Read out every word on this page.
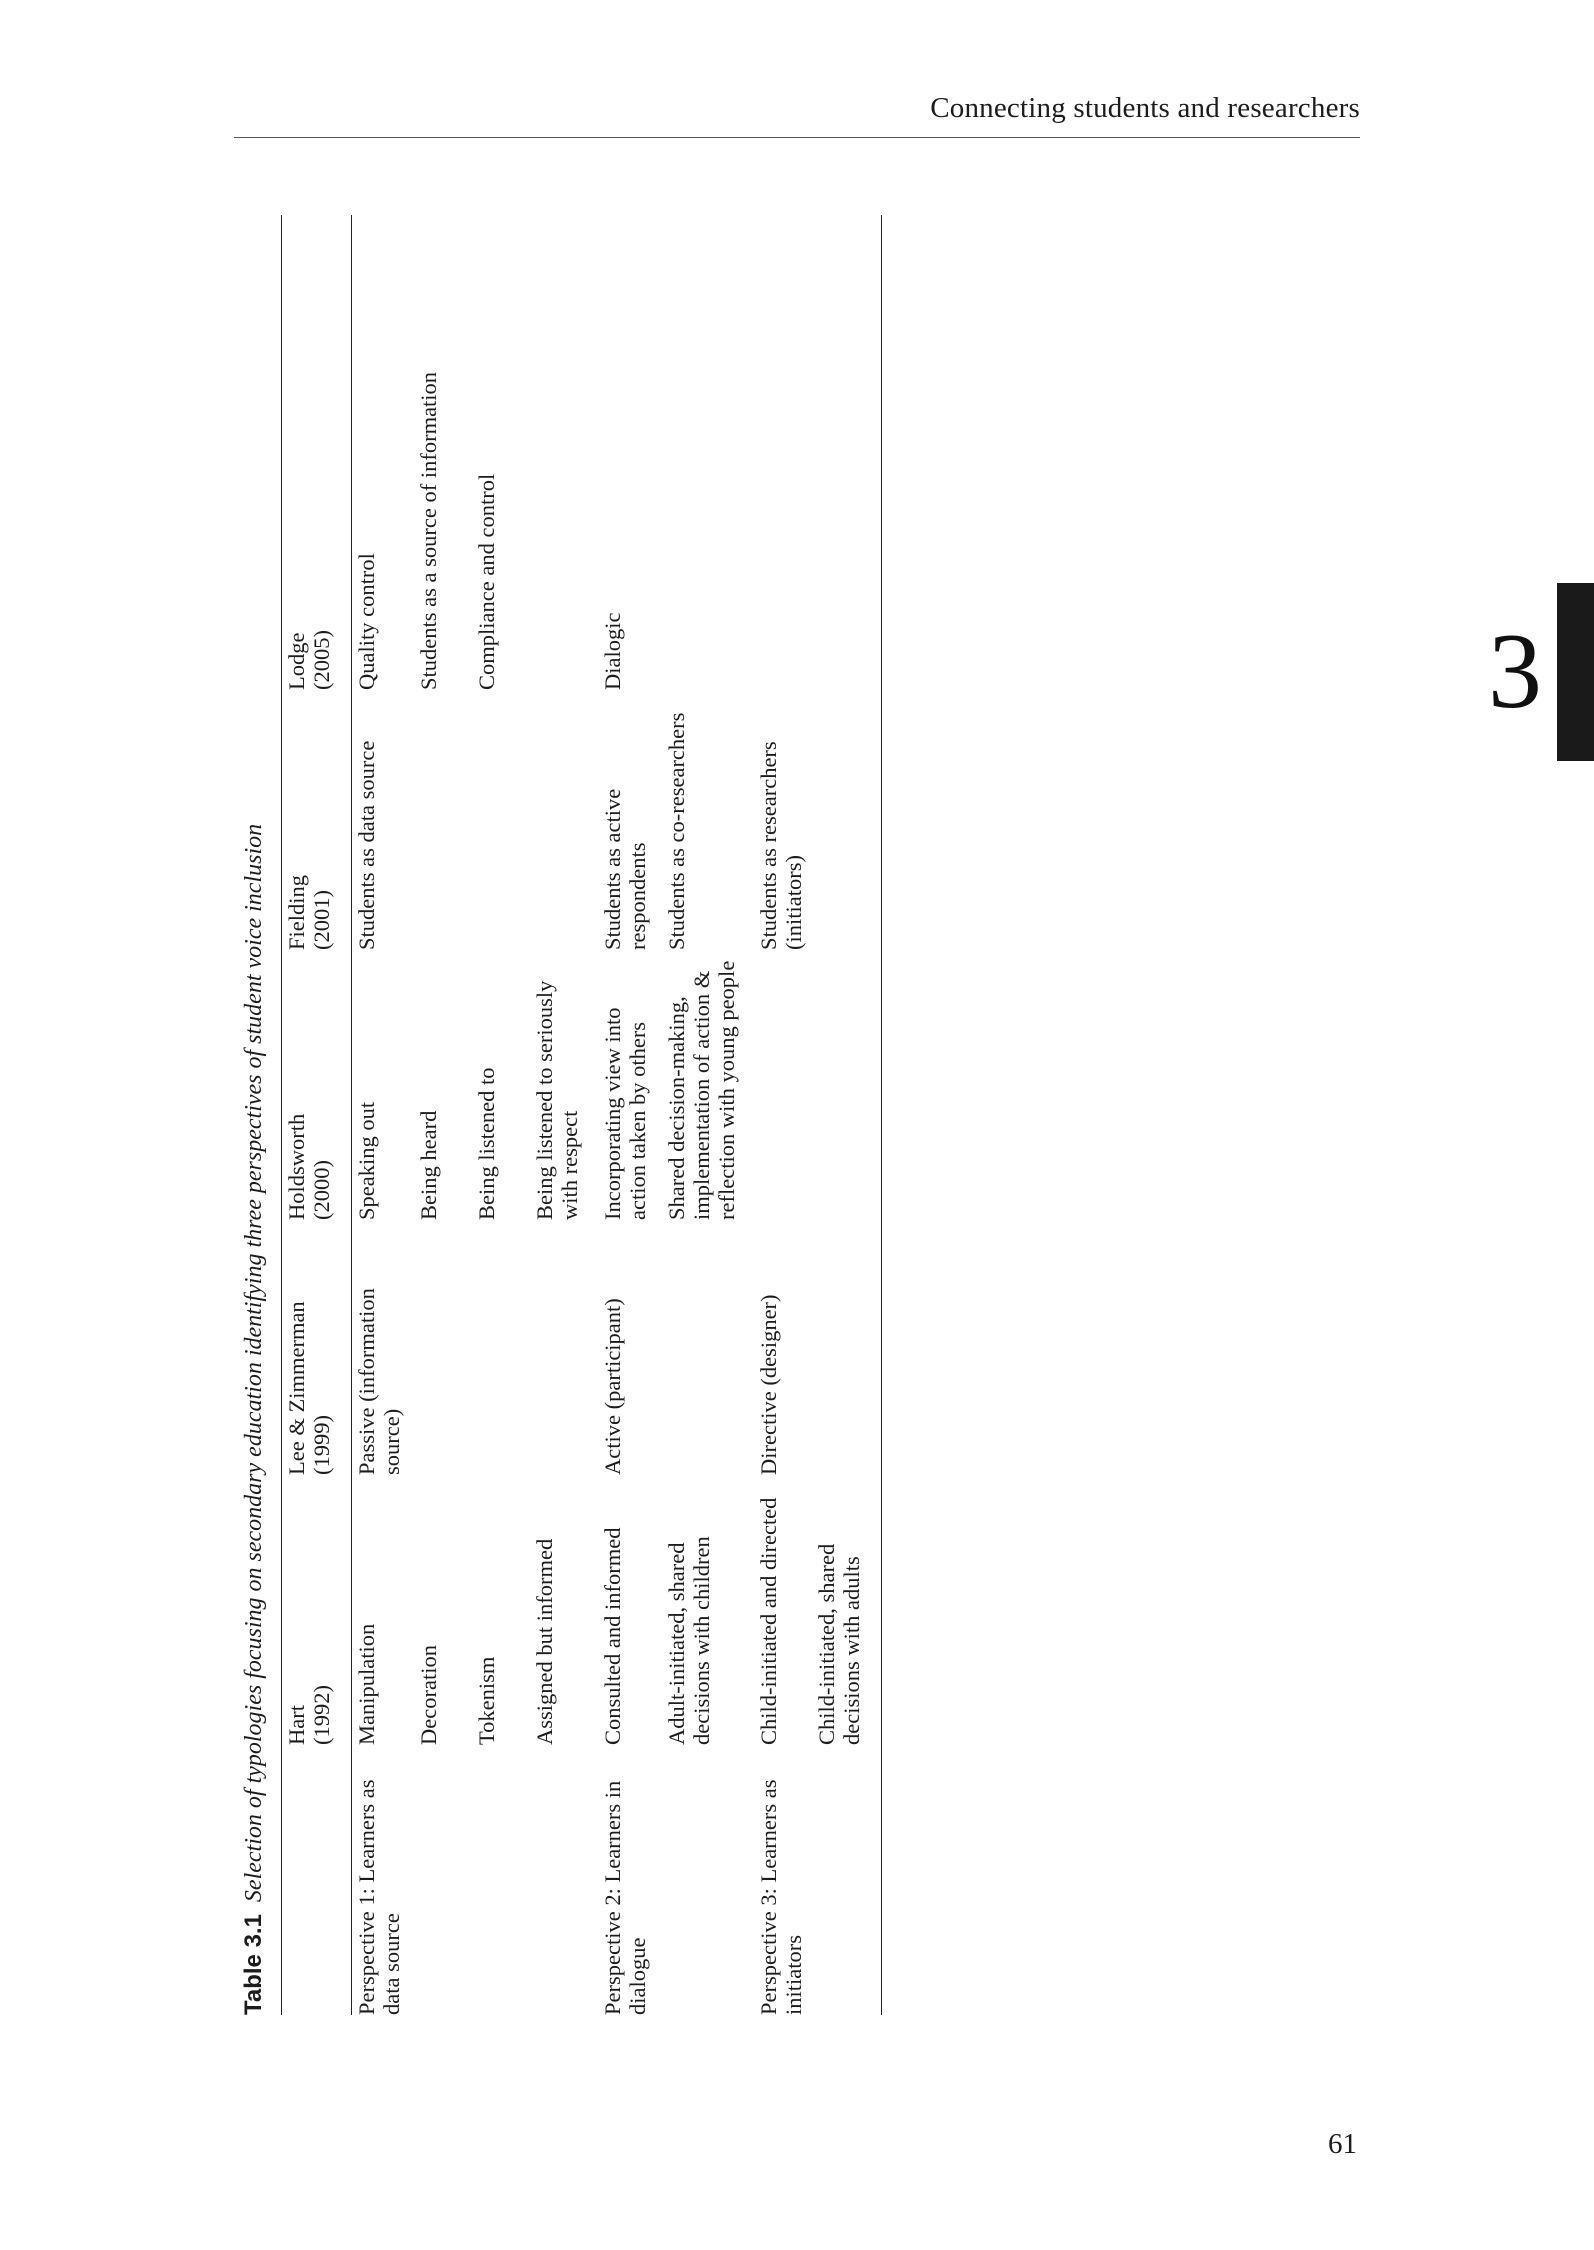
Connecting students and researchers
3
Table 3.1 Selection of typologies focusing on secondary education identifying three perspectives of student voice inclusion

	Hart (1992)	Lee & Zimmerman (1999)	Holdsworth (2000)	Fielding (2001)	Lodge (2005)

Perspective 1: Learners as data source	Manipulation	Passive (information source)	Speaking out	Students as data source	Quality control
	Decoration		Being heard		Students as a source of information
	Tokenism		Being listened to		Compliance and control
	Assigned but informed		Being listened to seriously with respect		
Perspective 2: Learners in dialogue	Consulted and informed	Active (participant)	Incorporating view into action taken by others	Students as active respondents	Dialogic
	Adult-initiated, shared decisions with children		Shared decision-making, implementation of action & reflection with young people	Students as co-researchers	
Perspective 3: Learners as initiators	Child-initiated and directed	Directive (designer)		Students as researchers (initiators)	
	Child-initiated, shared decisions with adults				
61
